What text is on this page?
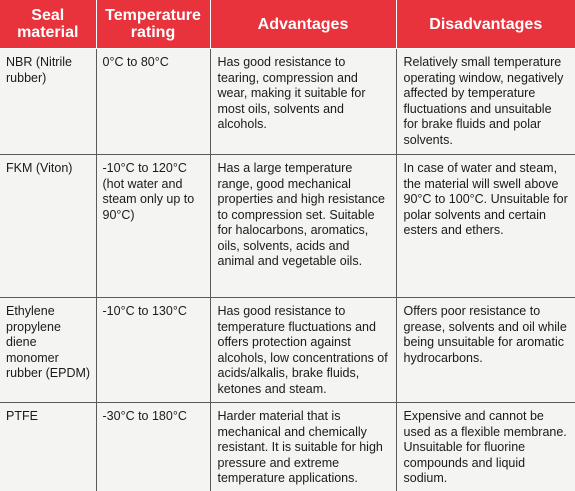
Seal material	Temperature rating	Advantages	Disadvantages
NBR (Nitrile rubber)	0°C to 80°C	Has good resistance to tearing, compression and wear, making it suitable for most oils, solvents and alcohols.	Relatively small temperature operating window, negatively affected by temperature fluctuations and unsuitable for brake fluids and polar solvents.
FKM (Viton)	-10°C to 120°C (hot water and steam only up to 90°C)	Has a large temperature range, good mechanical properties and high resistance to compression set. Suitable for halocarbons, aromatics, oils, solvents, acids and animal and vegetable oils.	In case of water and steam, the material will swell above 90°C to 100°C. Unsuitable for polar solvents and certain esters and ethers.
Ethylene propylene diene monomer rubber (EPDM)	-10°C to 130°C	Has good resistance to temperature fluctuations and offers protection against alcohols, low concentrations of acids/alkalis, brake fluids, ketones and steam.	Offers poor resistance to grease, solvents and oil while being unsuitable for aromatic hydrocarbons.
PTFE	-30°C to 180°C	Harder material that is mechanical and chemically resistant. It is suitable for high pressure and extreme temperature applications.	Expensive and cannot be used as a flexible membrane. Unsuitable for fluorine compounds and liquid sodium.
